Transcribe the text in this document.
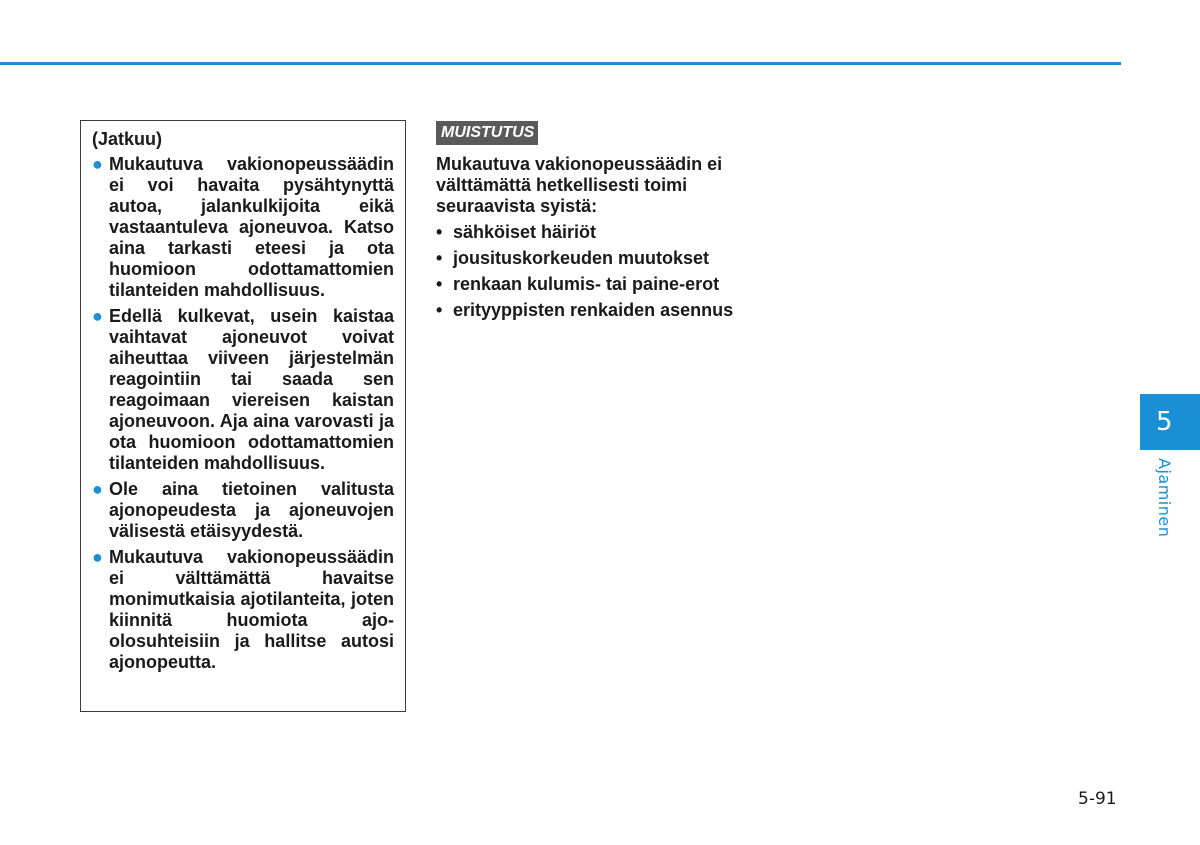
(Jatkuu)
● Mukautuva vakionopeussäädin ei voi havaita pysähtynyttä autoa, jalankulkijoita eikä vastaantuleva ajoneuvoa. Katso aina tarkasti eteesi ja ota huomioon odottamattomien tilanteiden mahdollisuus.
● Edellä kulkevat, usein kaistaa vaihtavat ajoneuvot voivat aiheuttaa viiveen järjestelmän reagointiin tai saada sen reagoimaan viereisen kaistan ajoneuvoon. Aja aina varovasti ja ota huomioon odottamattomien tilanteiden mahdollisuus.
● Ole aina tietoinen valitusta ajonopeudesta ja ajoneuvojen välisestä etäisyydestä.
● Mukautuva vakionopeussäädin ei välttämättä havaitse monimutkaisia ajotilanteita, joten kiinnitä huomiota ajo-olosuhteisiin ja hallitse autosi ajonopeutta.
MUISTUTUS
Mukautuva vakionopeussäädin ei välttämättä hetkellisesti toimi seuraavista syistä:
• sähköiset häiriöt
• jousituskorkeuden muutokset
• renkaan kulumis- tai paine-erot
• erityyppisten renkaiden asennus
5
Ajaminen
5-91
